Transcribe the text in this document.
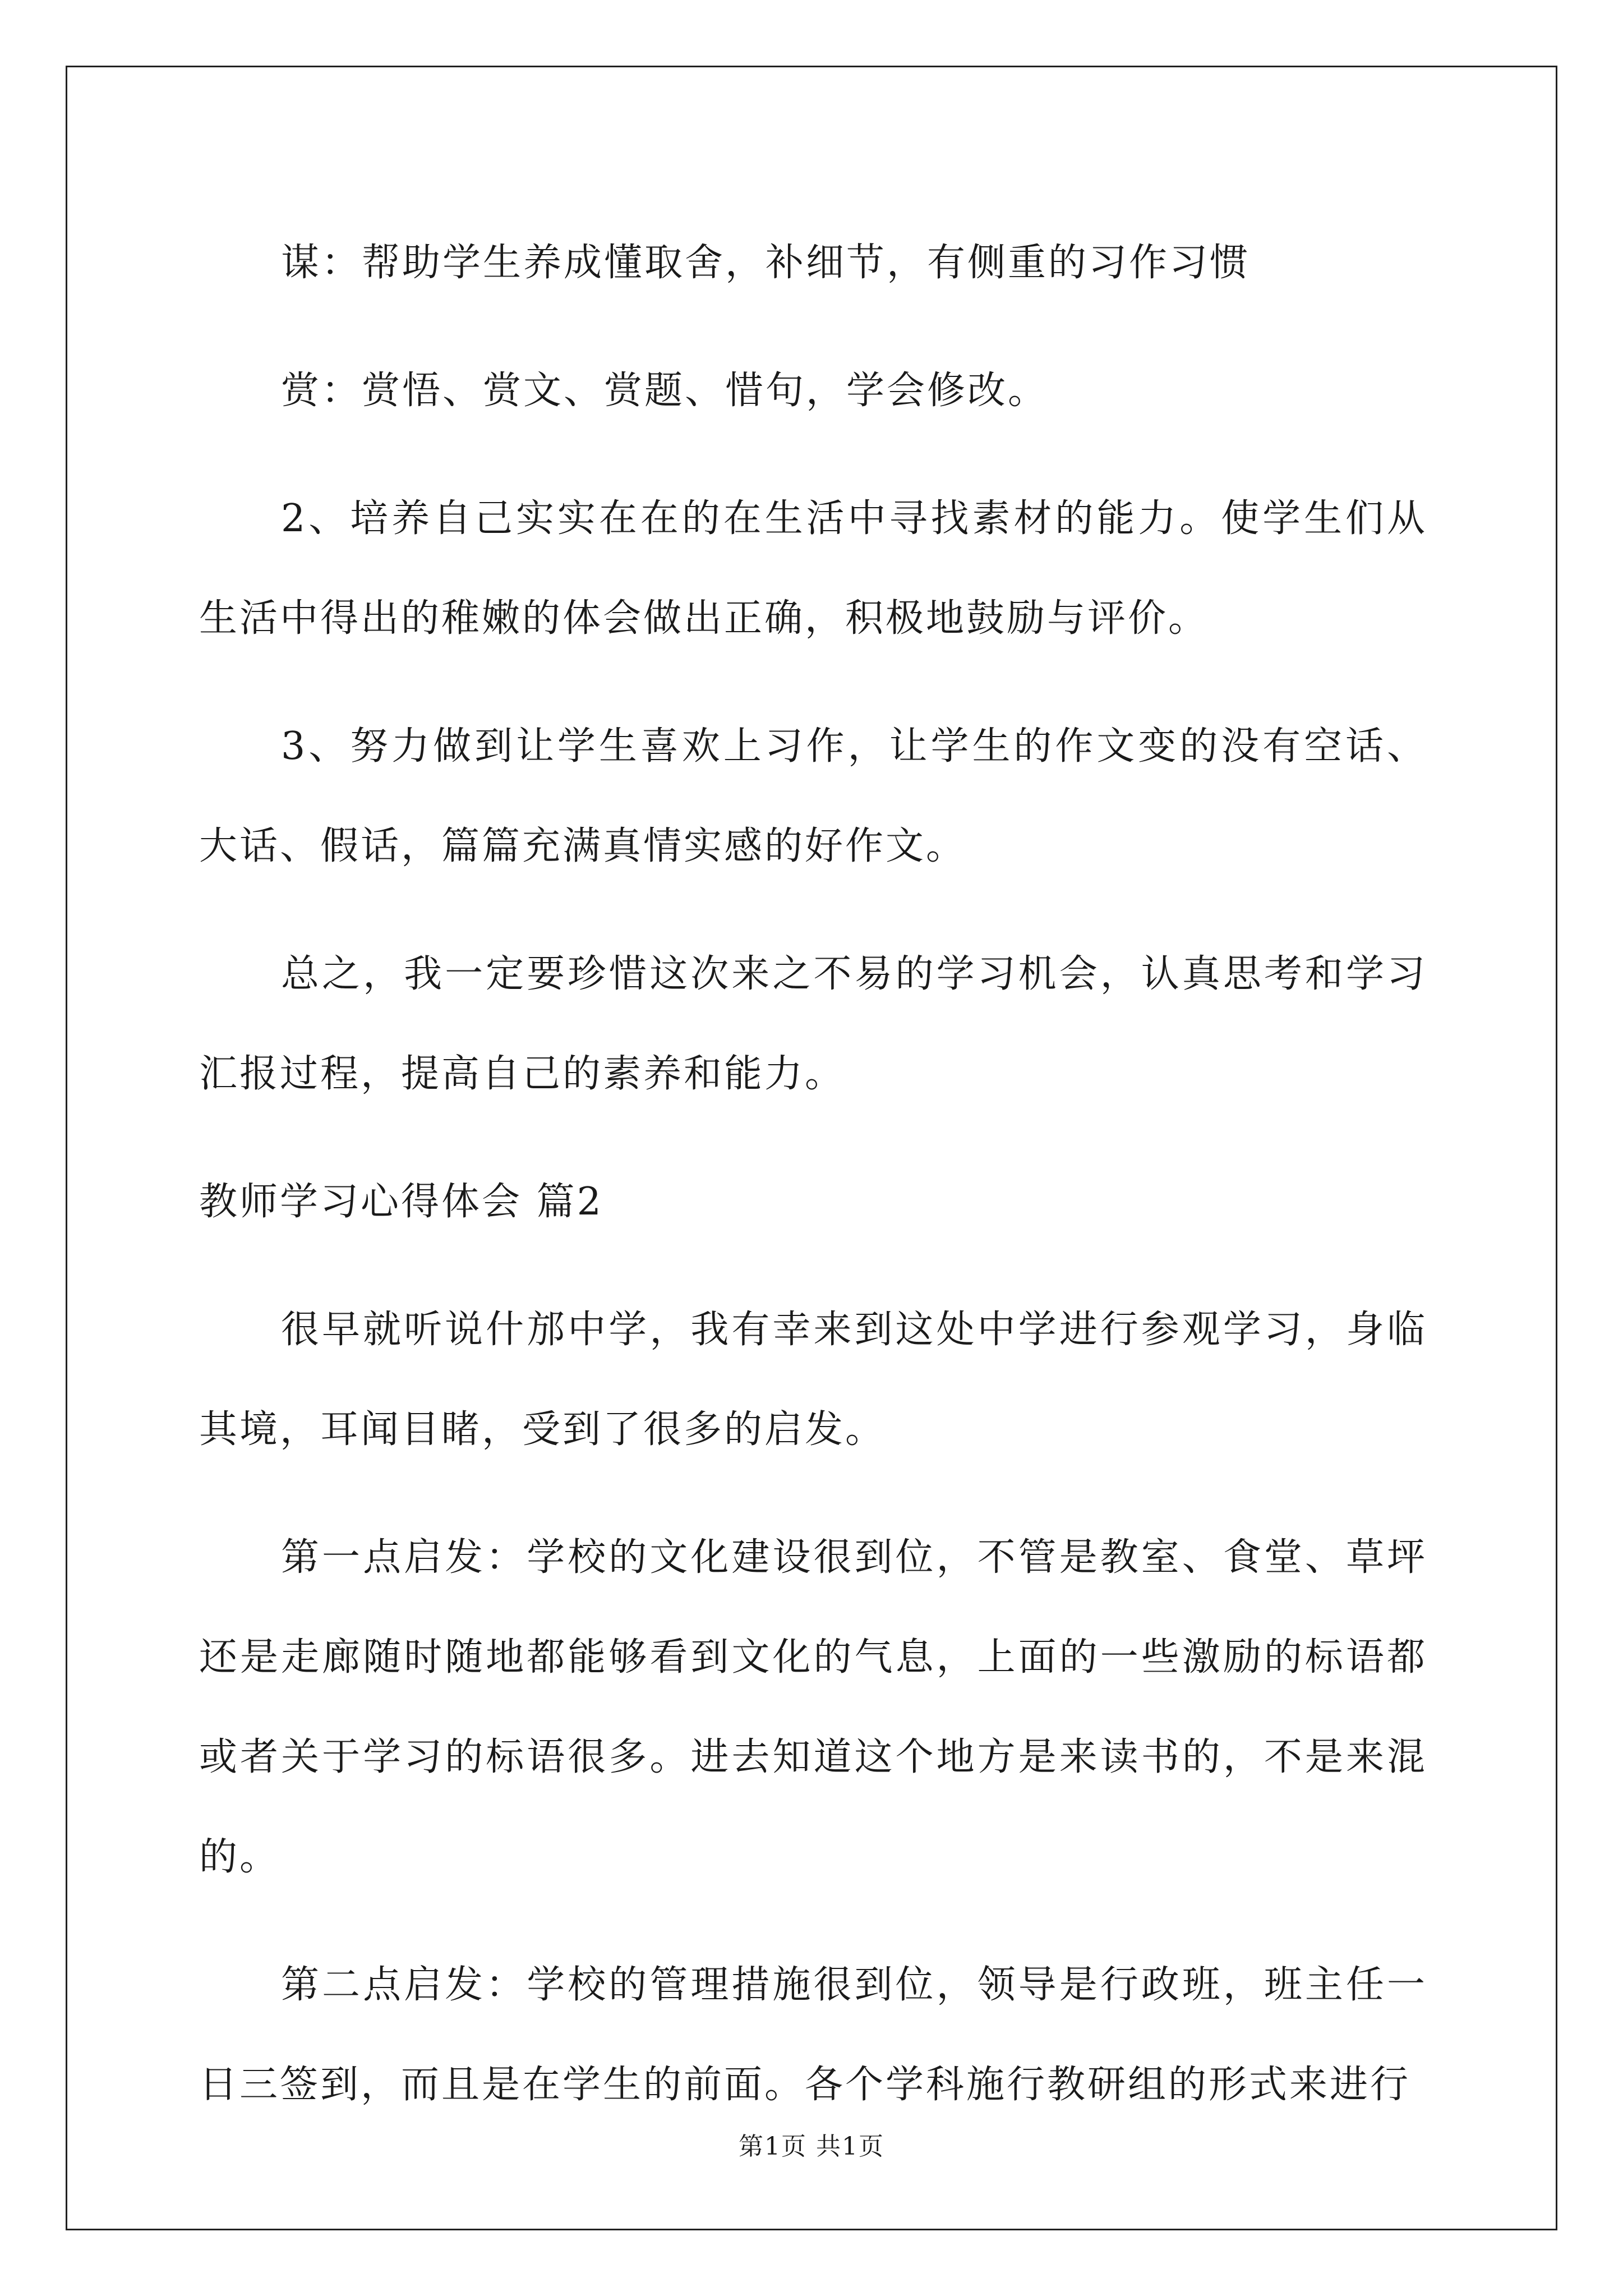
谋：帮助学生养成懂取舍，补细节，有侧重的习作习惯

赏：赏悟、赏文、赏题、惜句，学会修改。

2、培养自己实实在在的在生活中寻找素材的能力。使学生们从生活中得出的稚嫩的体会做出正确，积极地鼓励与评价。

3、努力做到让学生喜欢上习作，让学生的作文变的没有空话、大话、假话，篇篇充满真情实感的好作文。

总之，我一定要珍惜这次来之不易的学习机会，认真思考和学习汇报过程，提高自己的素养和能力。

教师学习心得体会 篇2

很早就听说什邡中学，我有幸来到这处中学进行参观学习，身临其境，耳闻目睹，受到了很多的启发。

第一点启发：学校的文化建设很到位，不管是教室、食堂、草坪还是走廊随时随地都能够看到文化的气息，上面的一些激励的标语都或者关于学习的标语很多。进去知道这个地方是来读书的，不是来混的。

第二点启发：学校的管理措施很到位，领导是行政班，班主任一日三签到，而且是在学生的前面。各个学科施行教研组的形式来进行

第1页 共1页
